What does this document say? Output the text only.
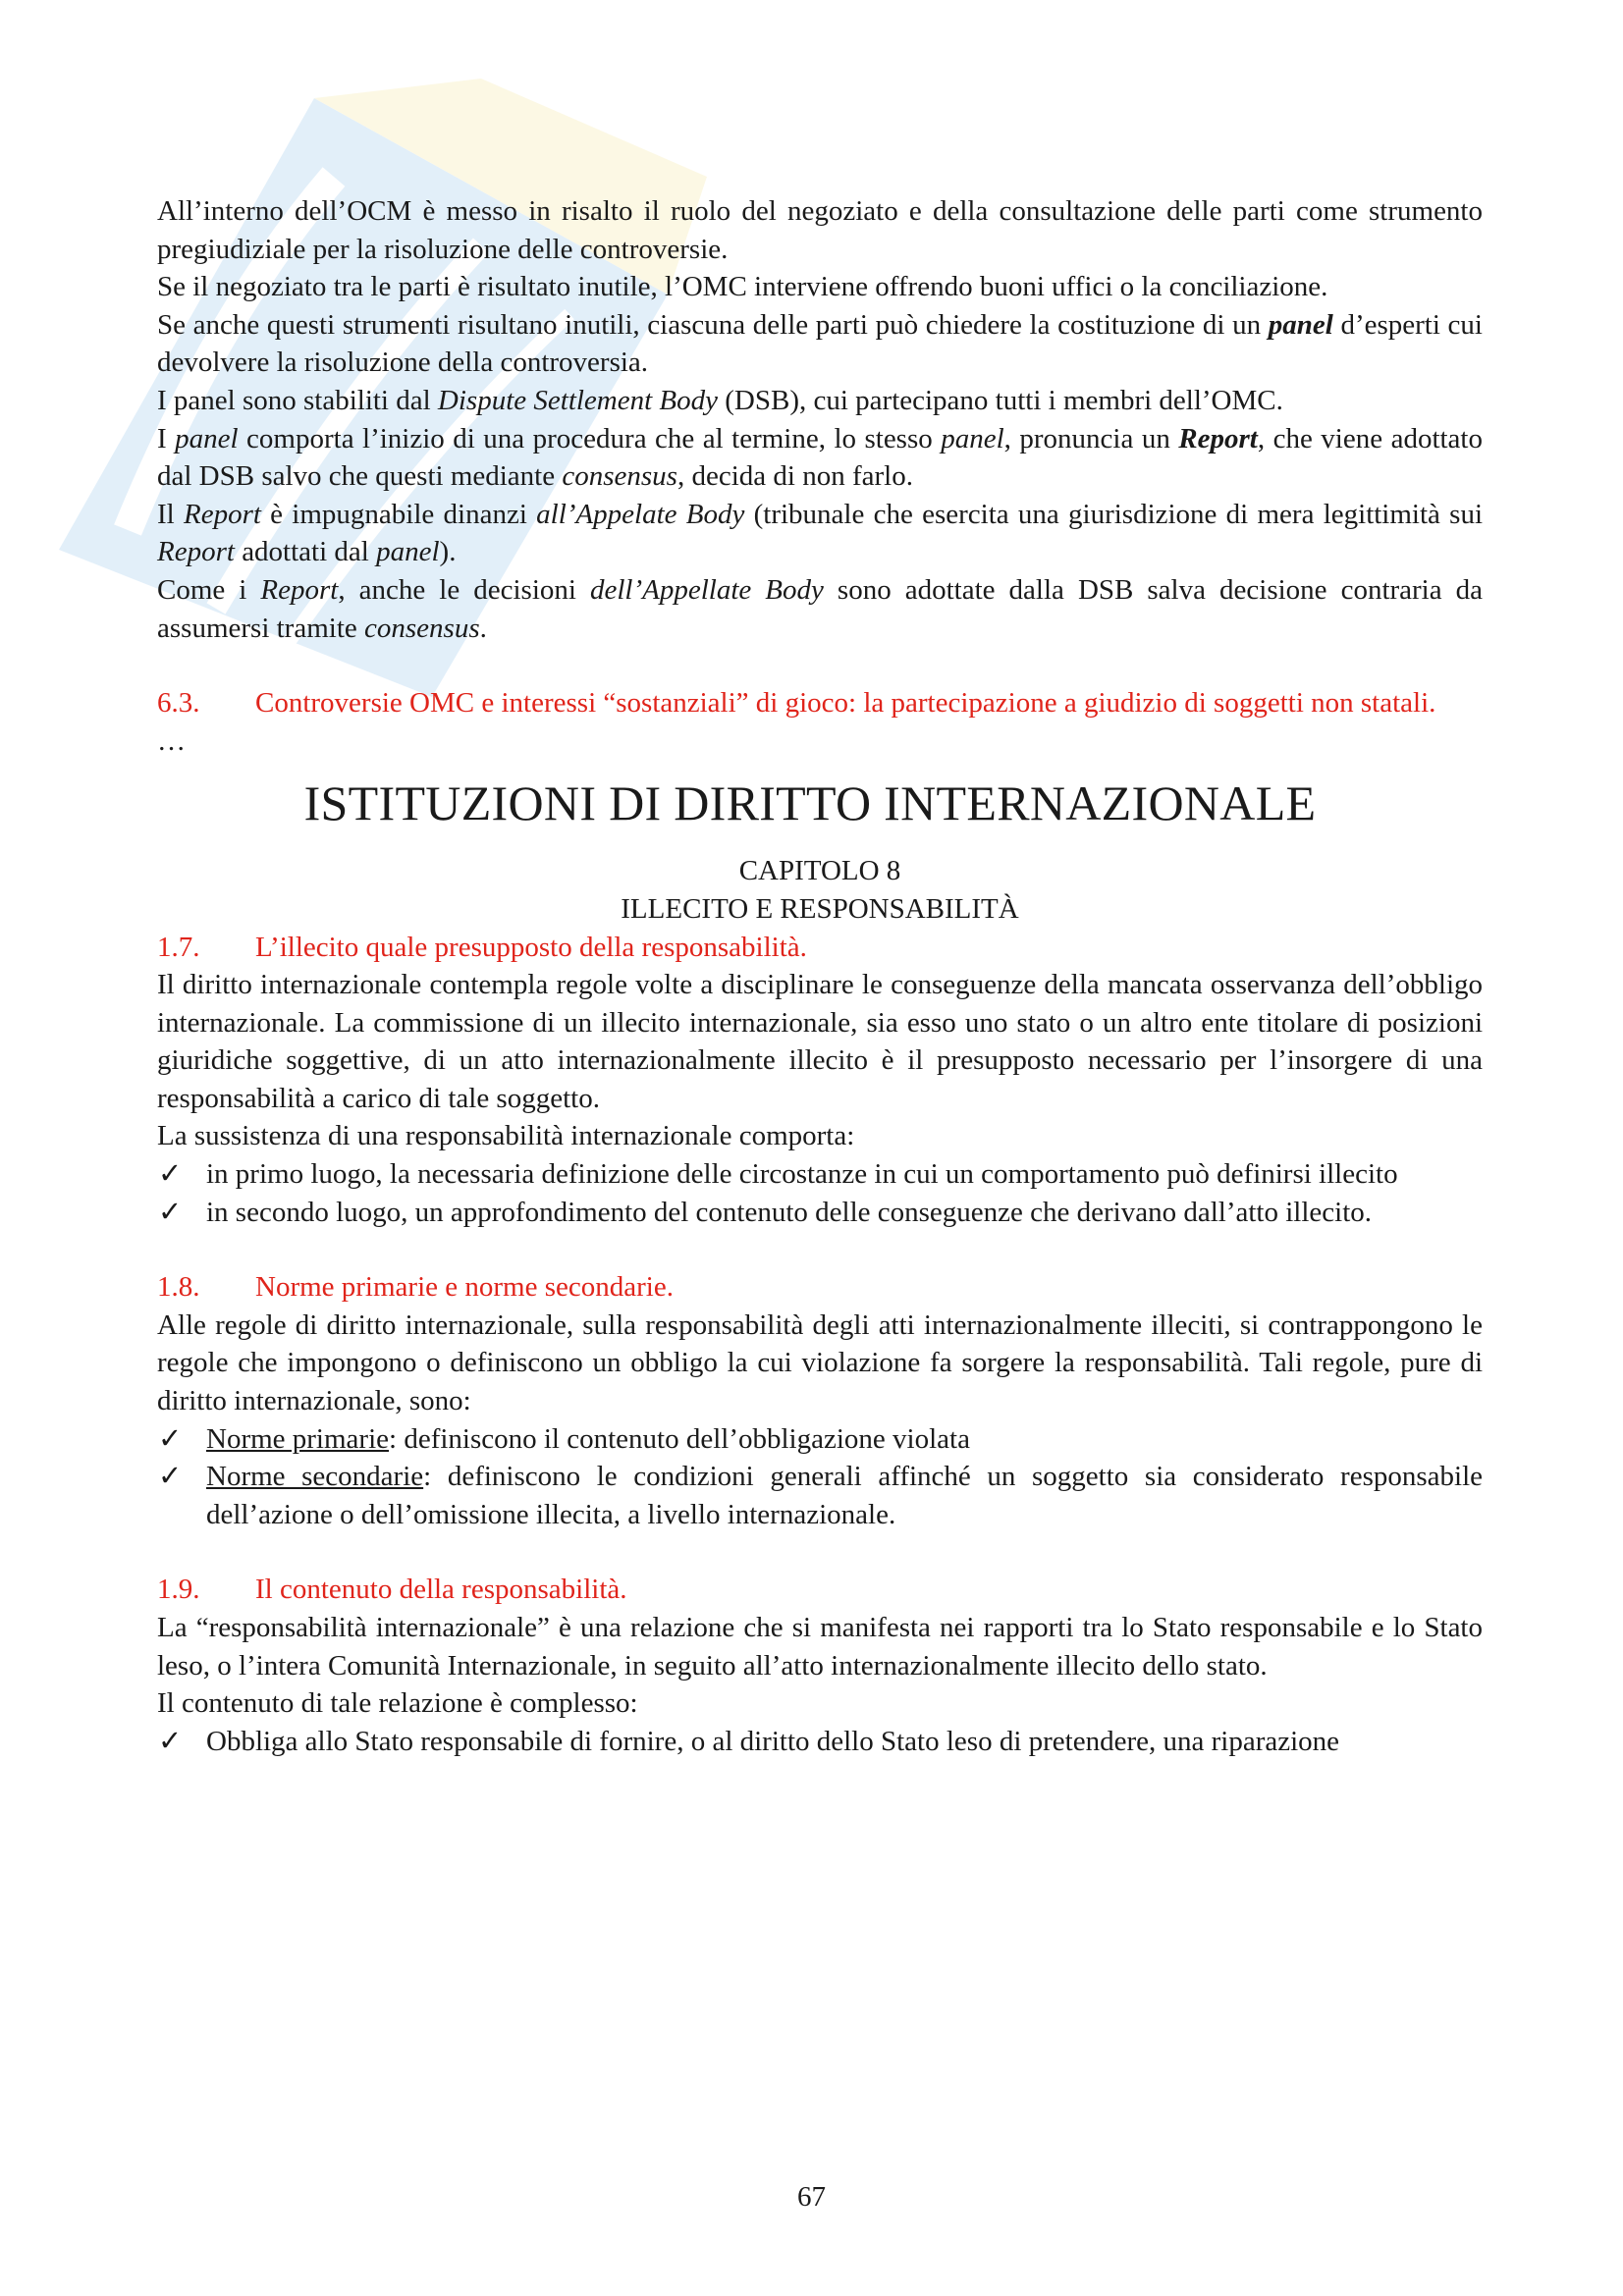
All’interno dell’OCM è messo in risalto il ruolo del negoziato e della consultazione delle parti come strumento pregiudiziale per la risoluzione delle controversie.

Se il negoziato tra le parti è risultato inutile, l’OMC interviene offrendo buoni uffici o la conciliazione.

Se anche questi strumenti risultano inutili, ciascuna delle parti può chiedere la costituzione di un panel d’esperti cui devolvere la risoluzione della controversia.

I panel sono stabiliti dal Dispute Settlement Body (DSB), cui partecipano tutti i membri dell’OMC.

I panel comporta l’inizio di una procedura che al termine, lo stesso panel, pronuncia un Report, che viene adottato dal DSB salvo che questi mediante consensus, decida di non farlo.

Il Report è impugnabile dinanzi all’Appelate Body (tribunale che esercita una giurisdizione di mera legittimità sui Report adottati dal panel).

Come i Report, anche le decisioni dell’Appellate Body sono adottate dalla DSB salva decisione contraria da assumersi tramite consensus.

6.3.	Controversie OMC e interessi “sostanziali” di gioco: la partecipazione a giudizio di soggetti non statali.

…

ISTITUZIONI DI DIRITTO INTERNAZIONALE

CAPITOLO 8

ILLECITO E RESPONSABILITÀ

1.7.	L’illecito quale presupposto della responsabilità.

Il diritto internazionale contempla regole volte a disciplinare le conseguenze della mancata osservanza dell’obbligo internazionale. La commissione di un illecito internazionale, sia esso uno stato o un altro ente titolare di posizioni giuridiche soggettive, di un atto internazionalmente illecito è il presupposto necessario per l’insorgere di una responsabilità a carico di tale soggetto.

La sussistenza di una responsabilità internazionale comporta:

✓ in primo luogo, la necessaria definizione delle circostanze in cui un comportamento può definirsi illecito
✓ in secondo luogo, un approfondimento del contenuto delle conseguenze che derivano dall’atto illecito.
1.8.	Norme primarie e norme secondarie.

Alle regole di diritto internazionale, sulla responsabilità degli atti internazionalmente illeciti, si contrappongono le regole che impongono o definiscono un obbligo la cui violazione fa sorgere la responsabilità. Tali regole, pure di diritto internazionale, sono:

✓ Norme primarie: definiscono il contenuto dell’obbligazione violata
✓ Norme secondarie: definiscono le condizioni generali affinché un soggetto sia considerato responsabile dell’azione o dell’omissione illecita, a livello internazionale.
1.9.	Il contenuto della responsabilità.

La “responsabilità internazionale” è una relazione che si manifesta nei rapporti tra lo Stato responsabile e lo Stato leso, o l’intera Comunità Internazionale, in seguito all’atto internazionalmente illecito dello stato.

Il contenuto di tale relazione è complesso:

✓ Obbliga allo Stato responsabile di fornire, o al diritto dello Stato leso di pretendere, una riparazione
67
